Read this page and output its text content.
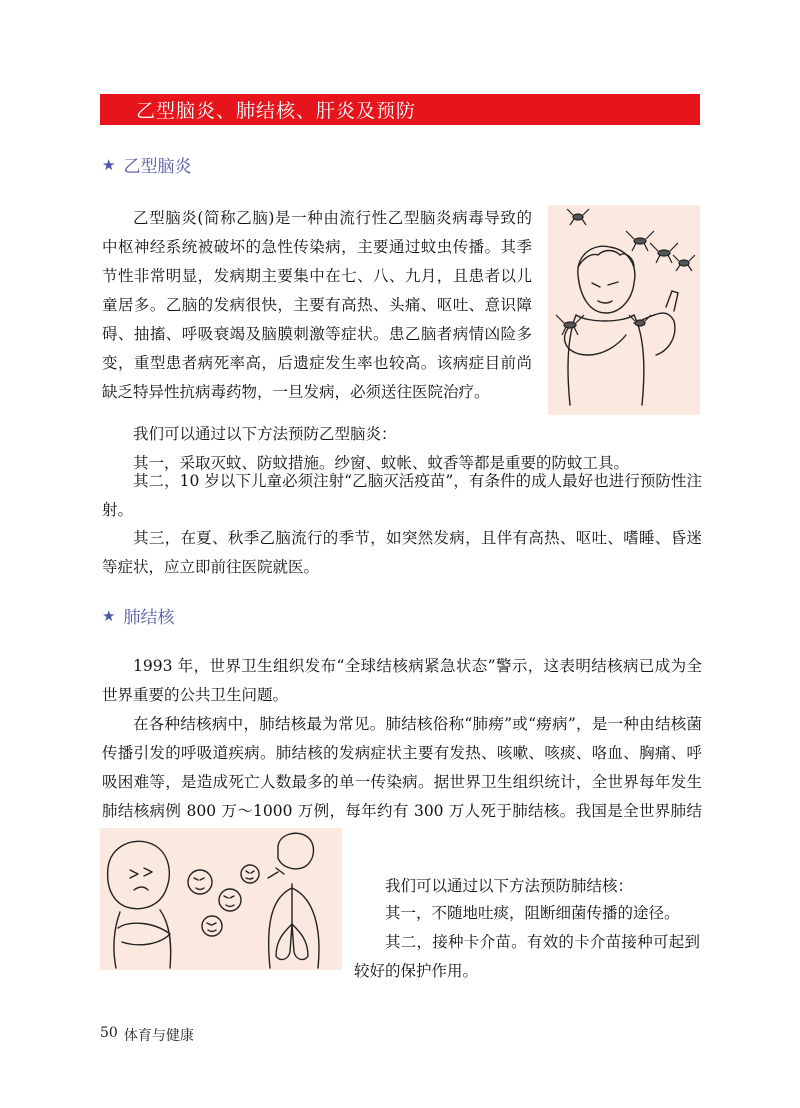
乙型脑炎、肺结核、肝炎及预防
★ 乙型脑炎

乙型脑炎(简称乙脑)是一种由流行性乙型脑炎病毒导致的中枢神经系统被破坏的急性传染病，主要通过蚊虫传播。其季节性非常明显，发病期主要集中在七、八、九月，且患者以儿童居多。乙脑的发病很快，主要有高热、头痛、呕吐、意识障碍、抽搐、呼吸衰竭及脑膜刺激等症状。患乙脑者病情凶险多变，重型患者病死率高，后遗症发生率也较高。该病症目前尚缺乏特异性抗病毒药物，一旦发病，必须送往医院治疗。

我们可以通过以下方法预防乙型脑炎：

其一，采取灭蚊、防蚊措施。纱窗、蚊帐、蚊香等都是重要的防蚊工具。

其二，10 岁以下儿童必须注射“乙脑灭活疫苗”，有条件的成人最好也进行预防性注射。

其三，在夏、秋季乙脑流行的季节，如突然发病，且伴有高热、呕吐、嗜睡、昏迷等症状，应立即前往医院就医。

★ 肺结核

1993 年，世界卫生组织发布“全球结核病紧急状态”警示，这表明结核病已成为全世界重要的公共卫生问题。

在各种结核病中，肺结核最为常见。肺结核俗称“肺痨”或“痨病”，是一种由结核菌传播引发的呼吸道疾病。肺结核的发病症状主要有发热、咳嗽、咳痰、咯血、胸痛、呼吸困难等，是造成死亡人数最多的单一传染病。据世界卫生组织统计，全世界每年发生肺结核病例 800 万～1000 万例，每年约有 300 万人死于肺结核。我国是全世界肺结

我们可以通过以下方法预防肺结核：

其一，不随地吐痰，阻断细菌传播的途径。

其二，接种卡介苗。有效的卡介苗接种可起到较好的保护作用。

50 体育与健康
